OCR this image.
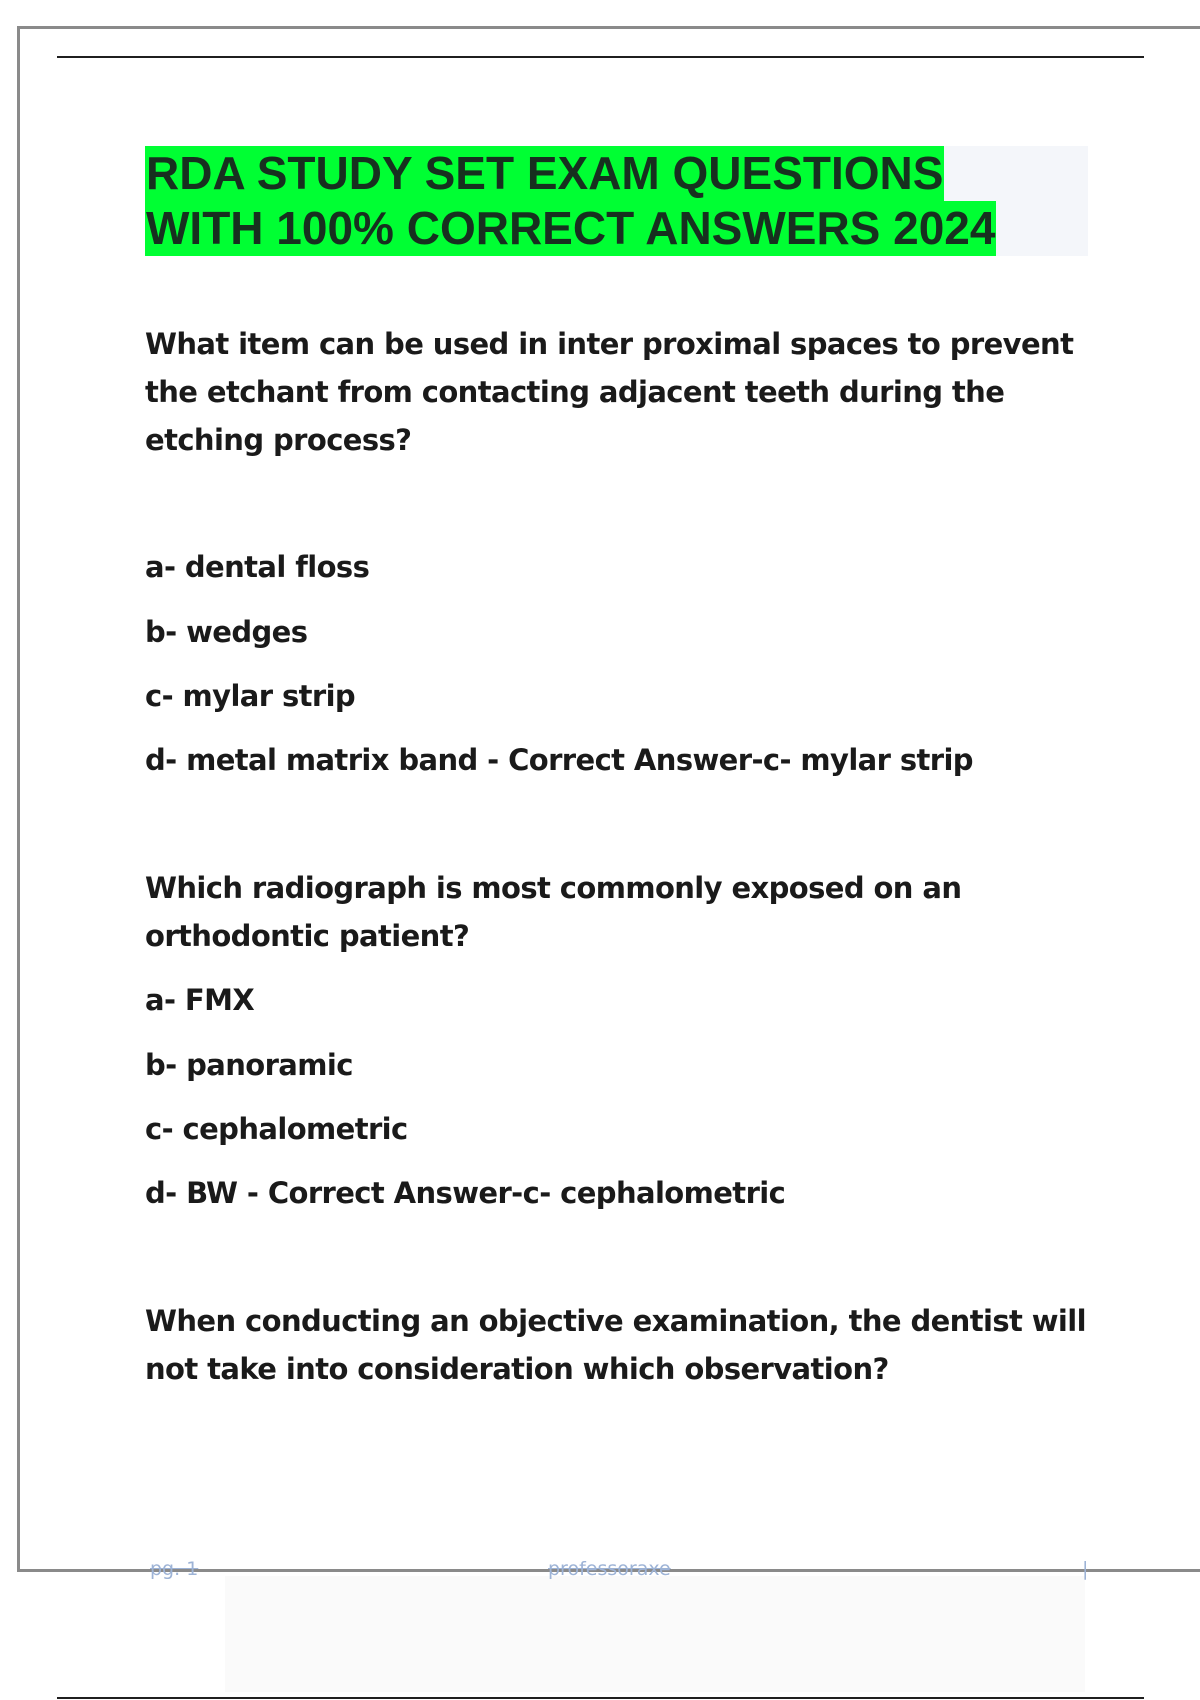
RDA STUDY SET EXAM QUESTIONS
WITH 100% CORRECT ANSWERS 2024
What item can be used in inter proximal spaces to prevent the etchant from contacting adjacent teeth during the etching process?
a- dental floss
b- wedges
c- mylar strip
d- metal matrix band - Correct Answer-c- mylar strip
Which radiograph is most commonly exposed on an orthodontic patient?
a- FMX
b- panoramic
c- cephalometric
d- BW - Correct Answer-c- cephalometric
When conducting an objective examination, the dentist will not take into consideration which observation?
pg. 1	professoraxe	|
